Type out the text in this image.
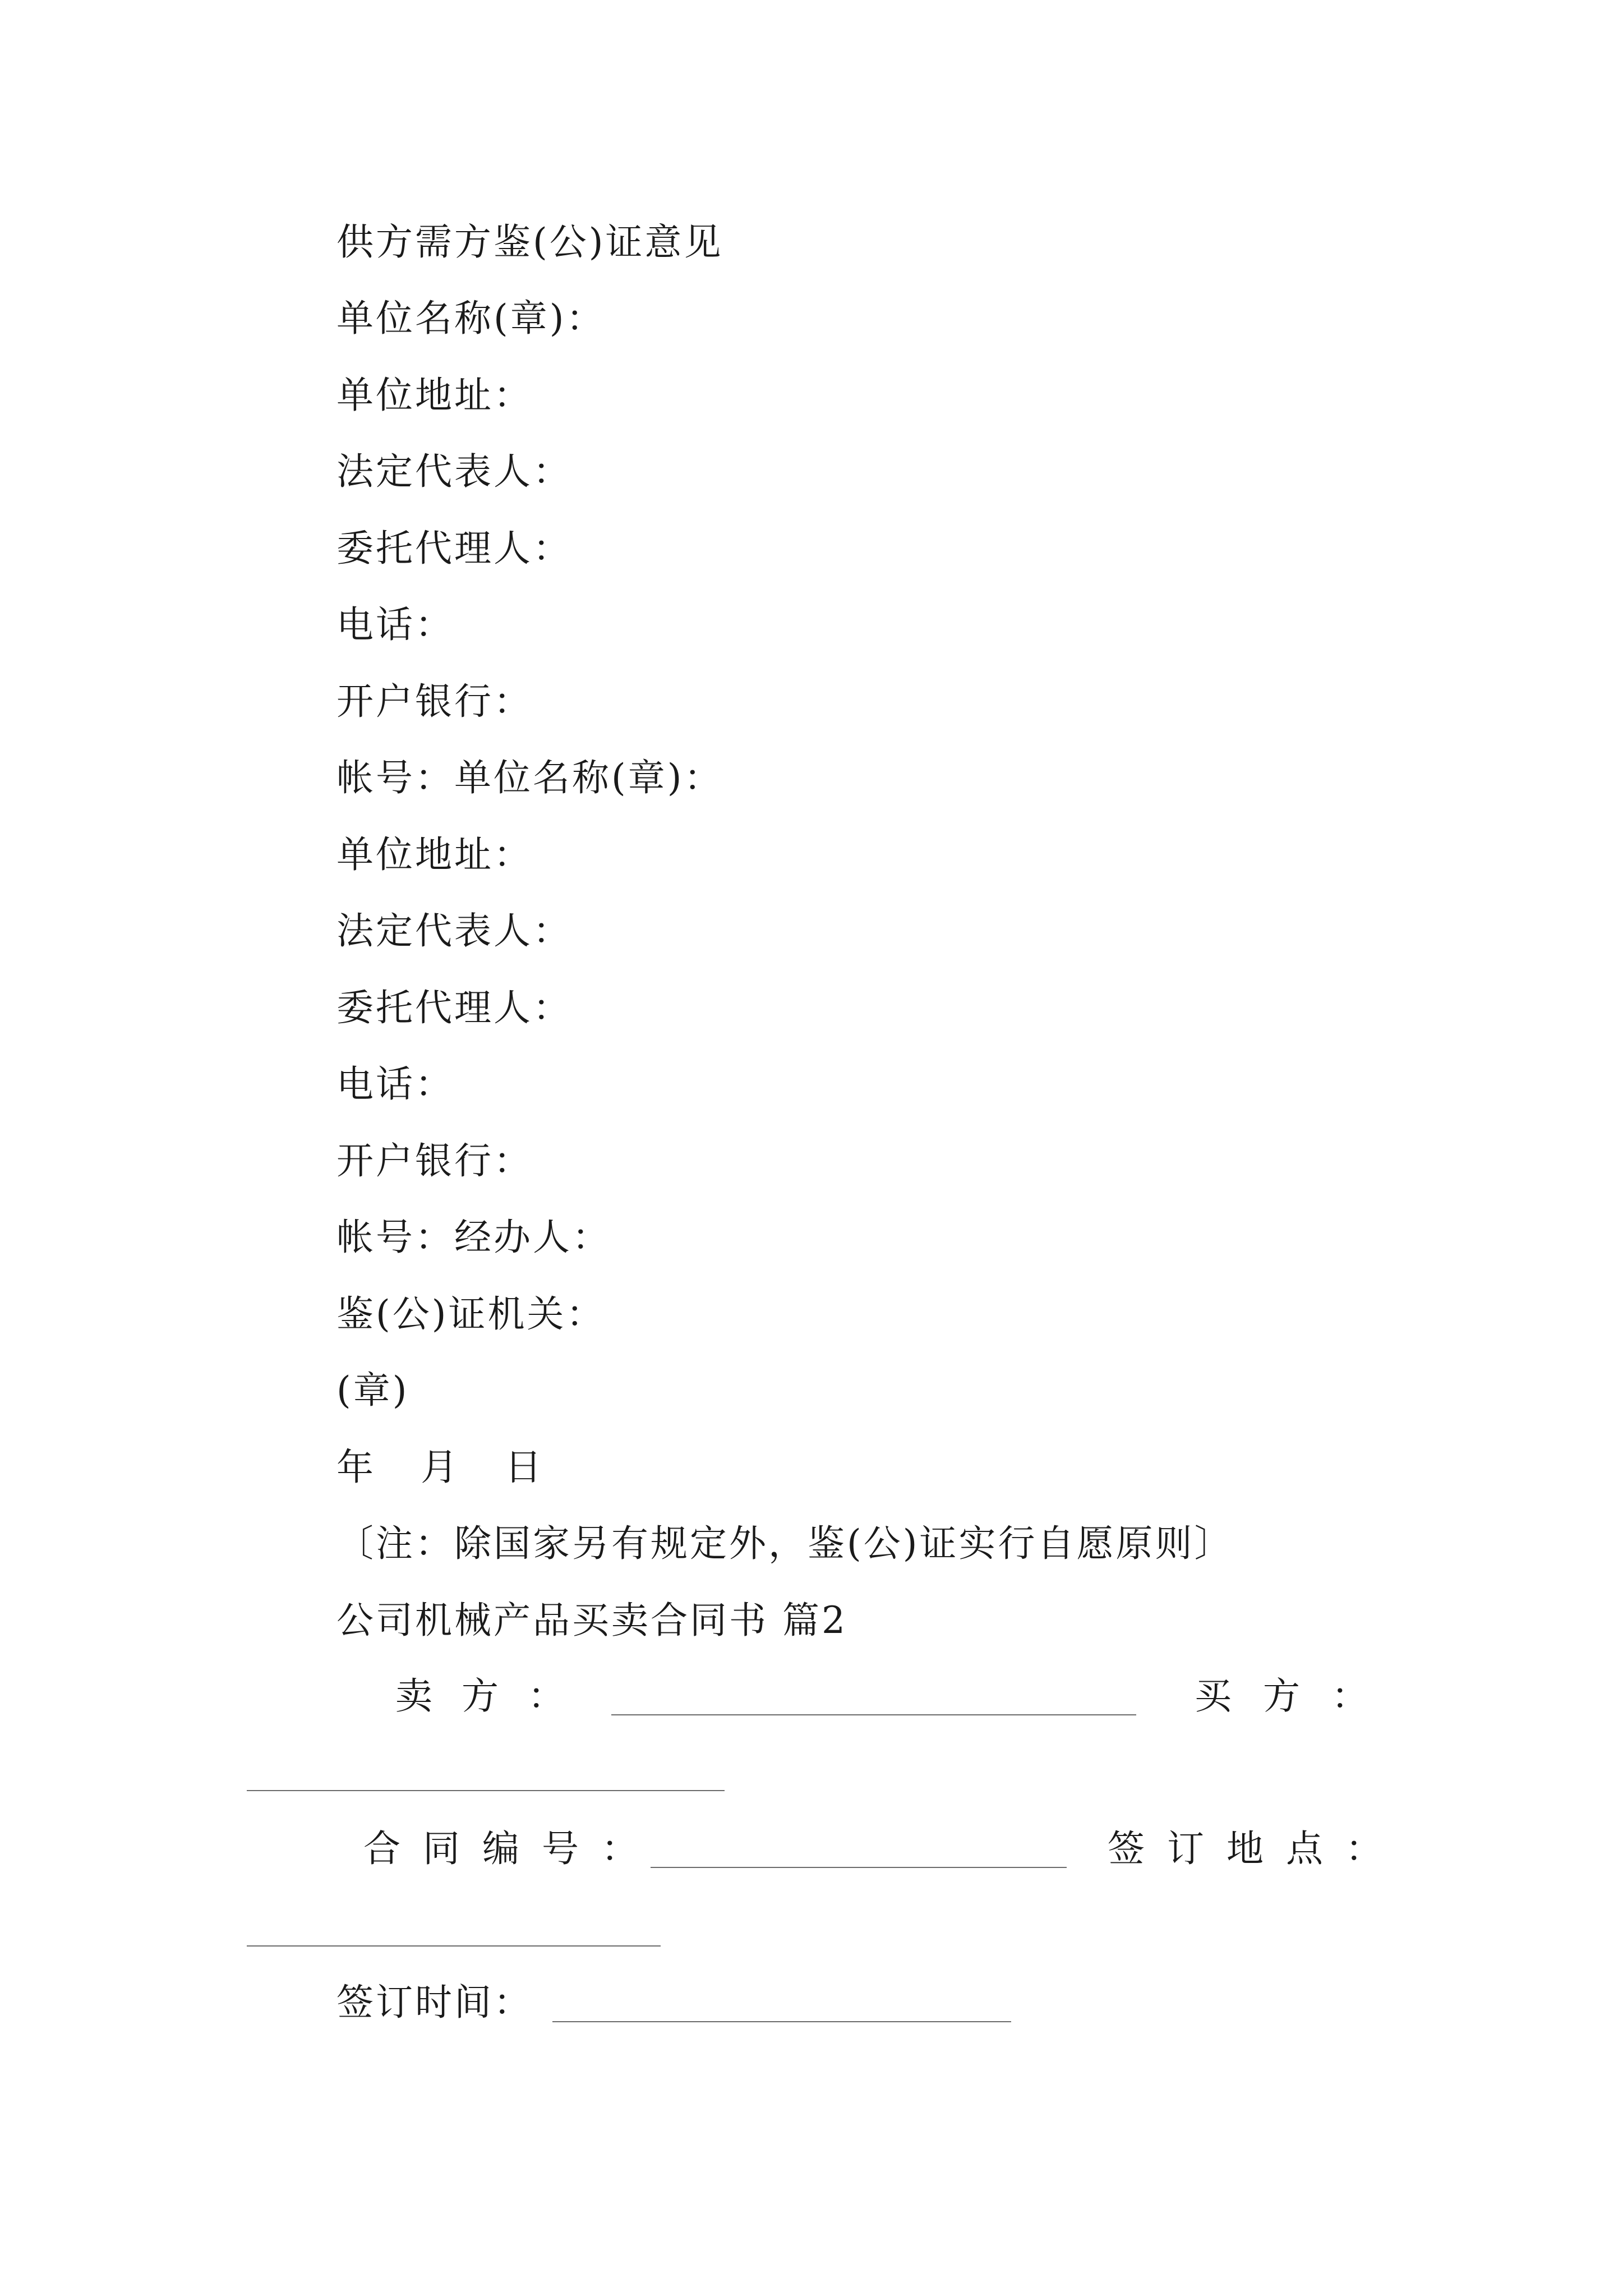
供方需方鉴(公)证意见
单位名称(章)：
单位地址：
法定代表人：
委托代理人：
电话：
开户银行：
帐号：单位名称(章)：
单位地址：
法定代表人：
委托代理人：
电话：
开户银行：
帐号：经办人：
鉴(公)证机关：
(章)
年  月  日
〔注：除国家另有规定外，鉴(公)证实行自愿原则〕
公司机械产品买卖合同书 篇2
卖方：	买方：
合同编号：	签订地点：
签订时间：
